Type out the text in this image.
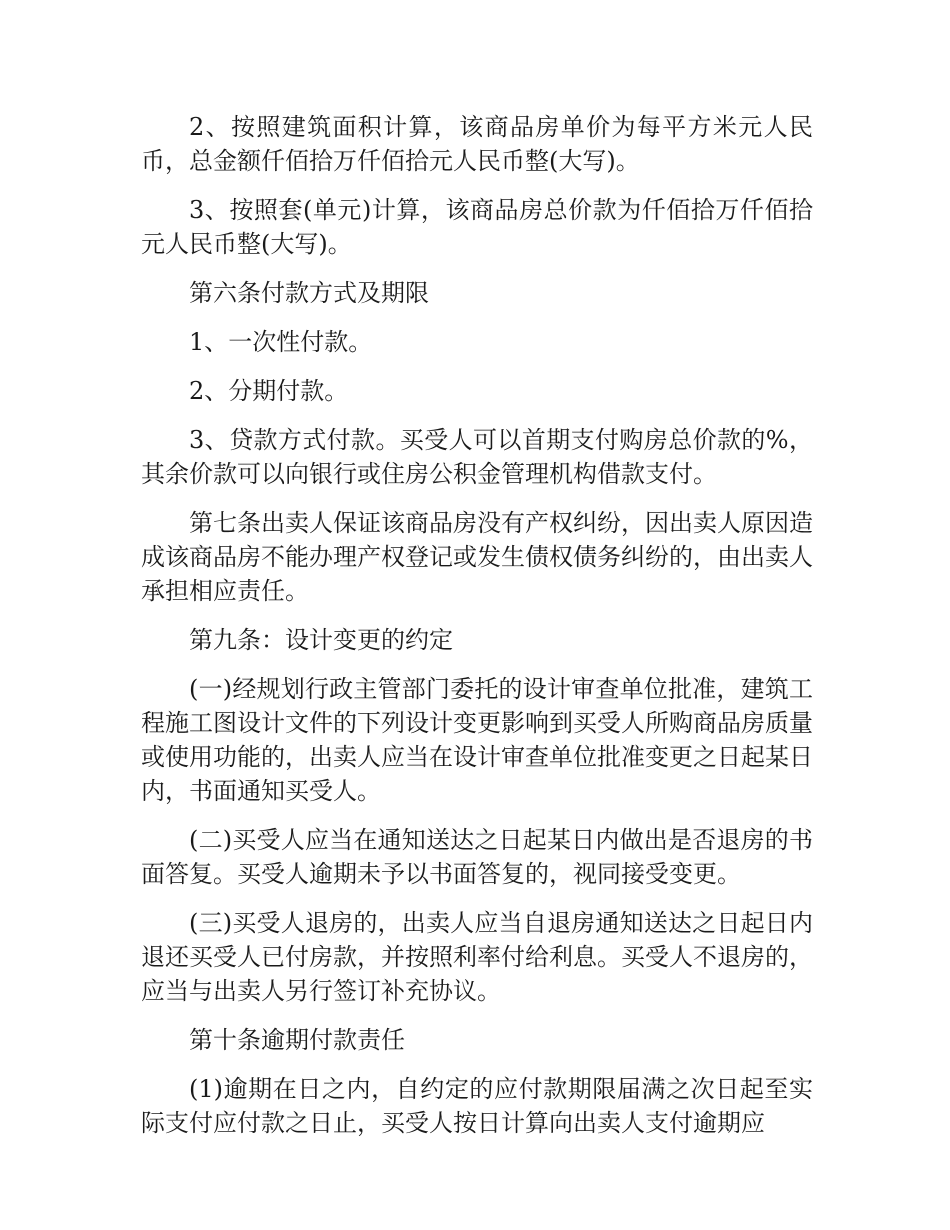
2、按照建筑面积计算，该商品房单价为每平方米元人民币，总金额仟佰拾万仟佰拾元人民币整(大写)。

3、按照套(单元)计算，该商品房总价款为仟佰拾万仟佰拾元人民币整(大写)。

第六条付款方式及期限

1、一次性付款。

2、分期付款。

3、贷款方式付款。买受人可以首期支付购房总价款的%，其余价款可以向银行或住房公积金管理机构借款支付。

第七条出卖人保证该商品房没有产权纠纷，因出卖人原因造成该商品房不能办理产权登记或发生债权债务纠纷的，由出卖人承担相应责任。

第九条：设计变更的约定

(一)经规划行政主管部门委托的设计审查单位批准，建筑工程施工图设计文件的下列设计变更影响到买受人所购商品房质量或使用功能的，出卖人应当在设计审查单位批准变更之日起某日内，书面通知买受人。

(二)买受人应当在通知送达之日起某日内做出是否退房的书面答复。买受人逾期未予以书面答复的，视同接受变更。

(三)买受人退房的，出卖人应当自退房通知送达之日起日内退还买受人已付房款，并按照利率付给利息。买受人不退房的，应当与出卖人另行签订补充协议。

第十条逾期付款责任

(1)逾期在日之内，自约定的应付款期限届满之次日起至实际支付应付款之日止，买受人按日计算向出卖人支付逾期应
